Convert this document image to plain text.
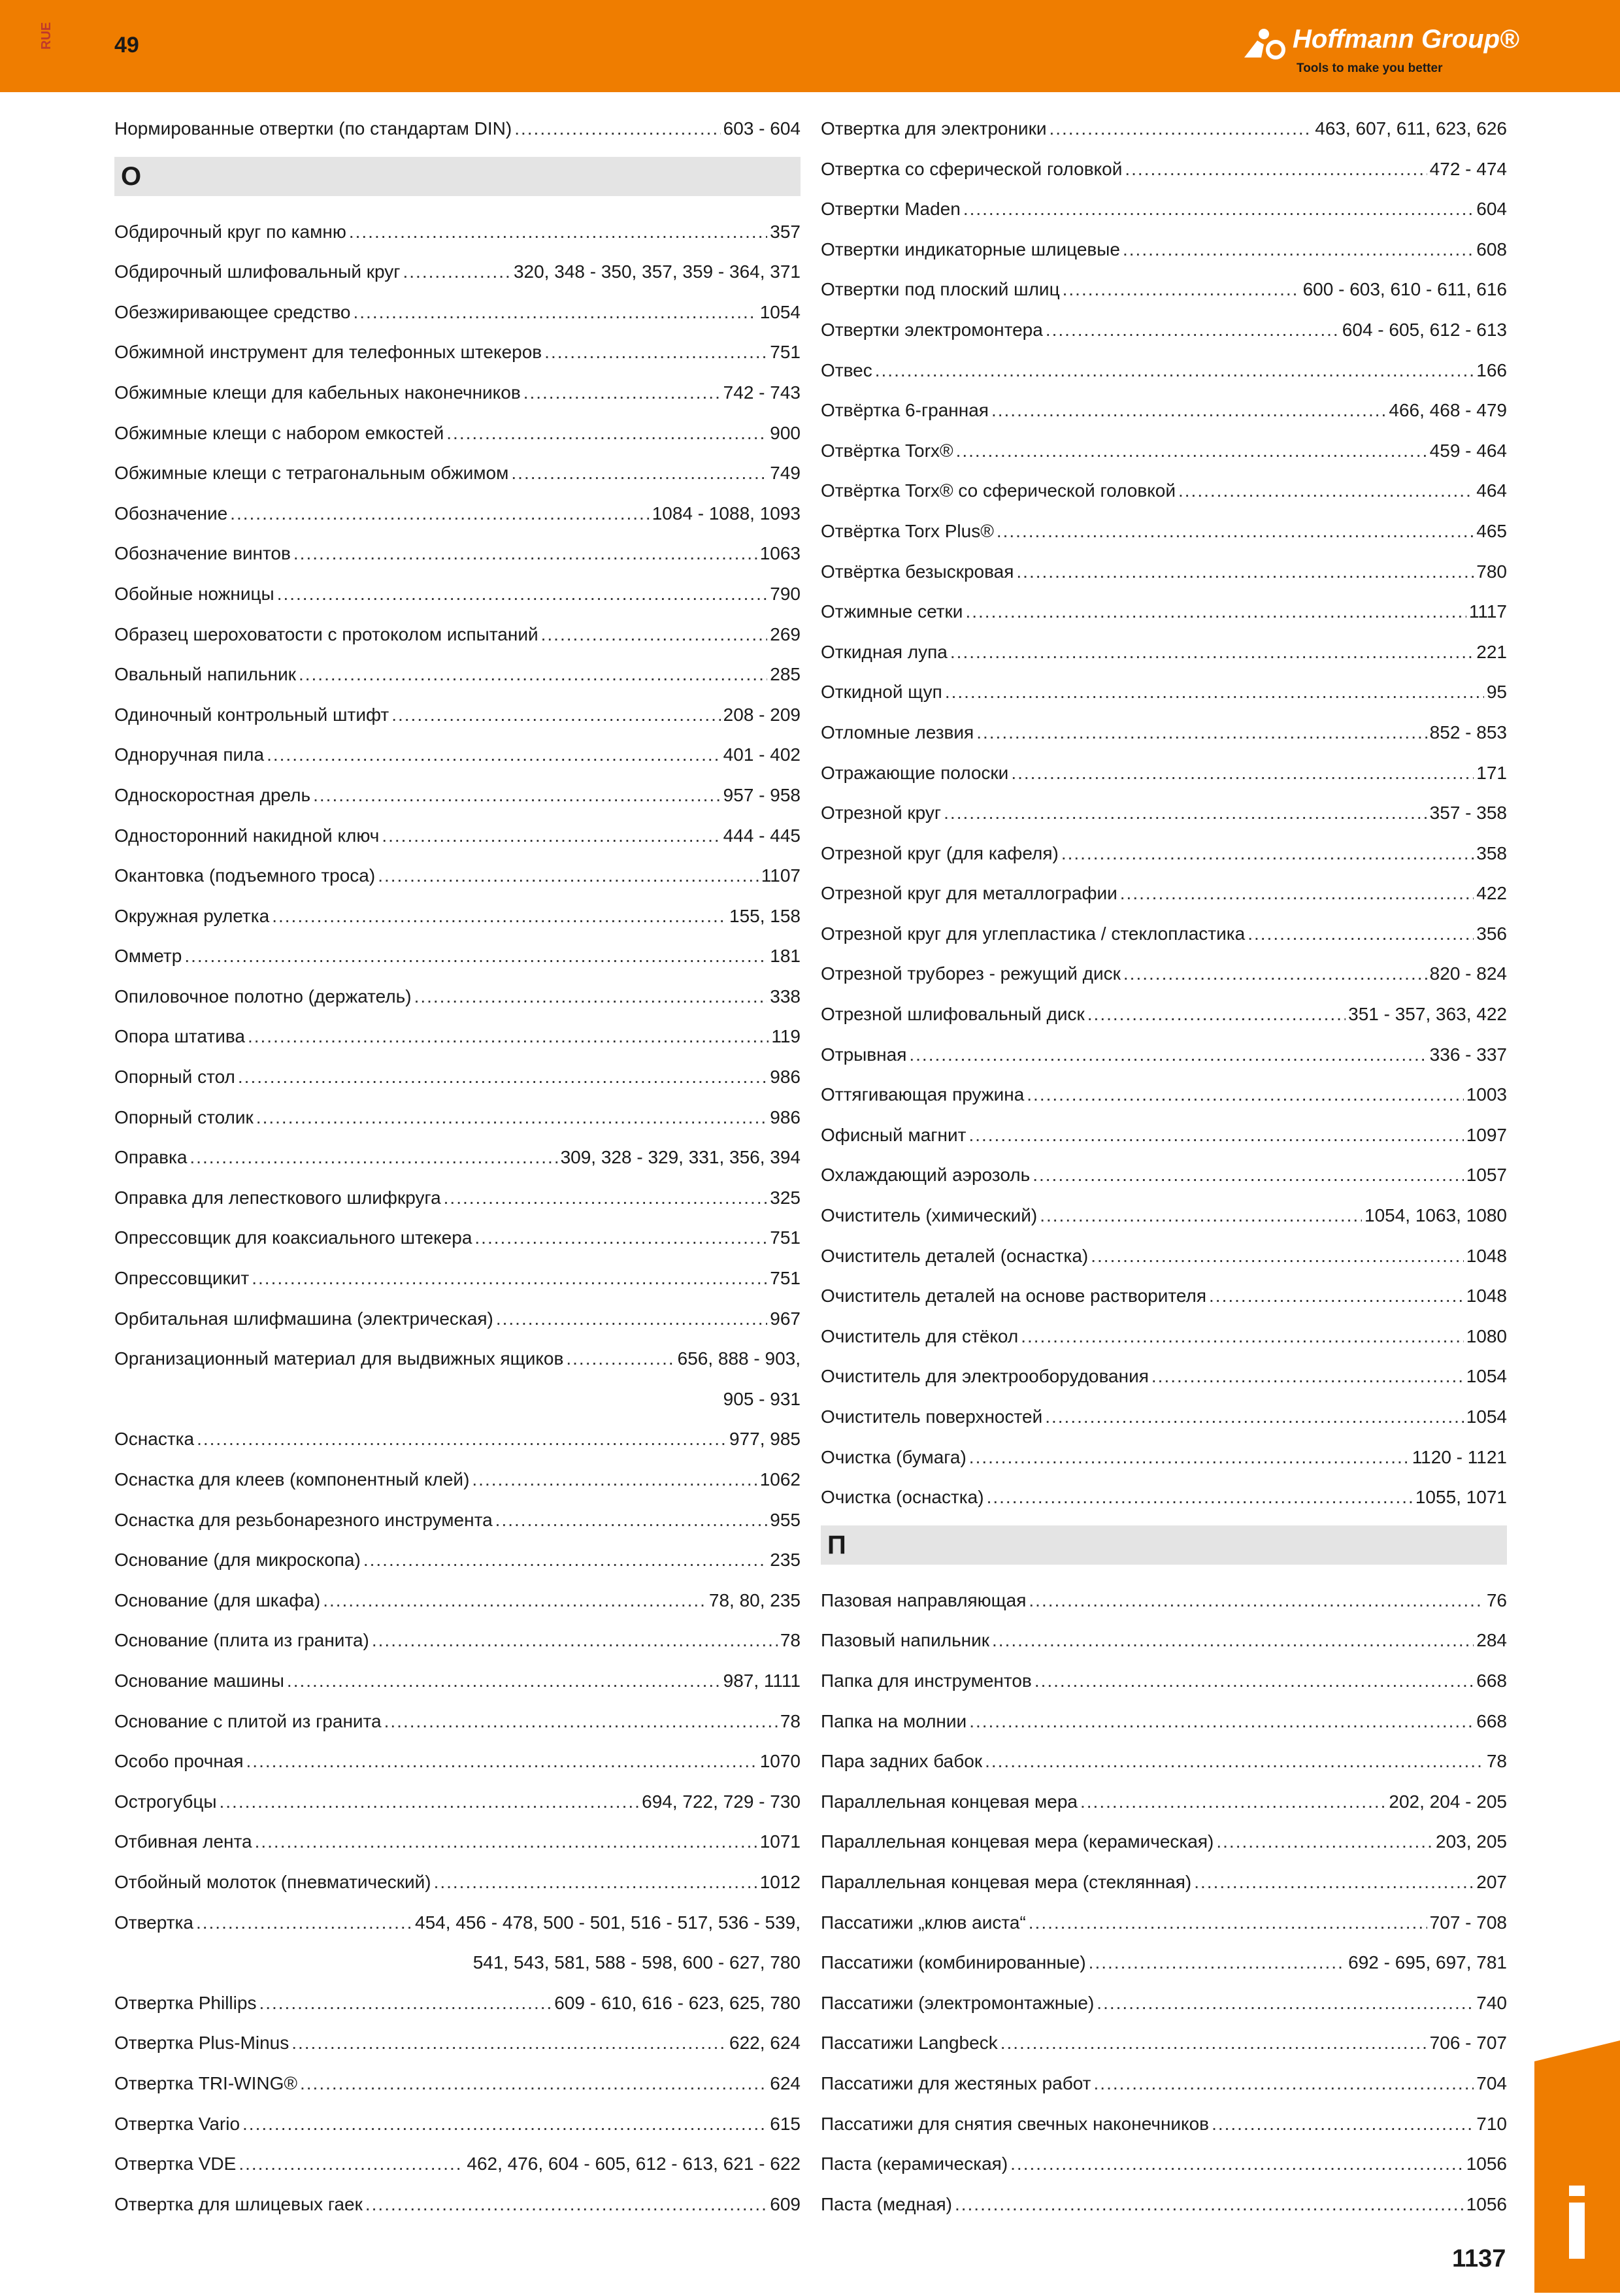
RUE	49	Hoffmann Group®
Tools to make you better
Нормированные отвертки (по стандартам DIN) .....	603 - 604
О
Обдирочный круг по камню .....	357
Обдирочный шлифовальный круг .....	320, 348 - 350, 357, 359 - 364, 371
Обезжиривающее средство .....	1054
Обжимной инструмент для телефонных штекеров .....	751
Обжимные клещи для кабельных наконечников .....	742 - 743
Обжимные клещи с набором емкостей .....	900
Обжимные клещи с тетрагональным обжимом .....	749
Обозначение .....	1084 - 1088, 1093
Обозначение винтов .....	1063
Обойные ножницы .....	790
Образец шероховатости с протоколом испытаний .....	269
Овальный напильник .....	285
Одиночный контрольный штифт .....	208 - 209
Одноручная пила .....	401 - 402
Односкоростная дрель .....	957 - 958
Односторонний накидной ключ .....	444 - 445
Окантовка (подъемного троса) .....	1107
Окружная рулетка .....	155, 158
Омметр .....	181
Опиловочное полотно (держатель) .....	338
Опора штатива .....	119
Опорный стол .....	986
Опорный столик .....	986
Оправка .....	309, 328 - 329, 331, 356, 394
Оправка для лепесткового шлифкруга .....	325
Опрессовщик для коаксиального штекера .....	751
Опрессовщикит .....	751
Орбитальная шлифмашина (электрическая) .....	967
Организационный материал для выдвижных ящиков .....	656, 888 - 903,
905 - 931
Оснастка .....	977, 985
Оснастка для клеев (компонентный клей) .....	1062
Оснастка для резьбонарезного инструмента .....	955
Основание (для микроскопа) .....	235
Основание (для шкафа) .....	78, 80, 235
Основание (плита из гранита) .....	78
Основание машины .....	987, 1111
Основание с плитой из гранита .....	78
Особо прочная .....	1070
Острогубцы .....	694, 722, 729 - 730
Отбивная лента .....	1071
Отбойный молоток (пневматический) .....	1012
Отвертка .....	454, 456 - 478, 500 - 501, 516 - 517, 536 - 539,
541, 543, 581, 588 - 598, 600 - 627, 780
Отвертка Phillips .....	609 - 610, 616 - 623, 625, 780
Отвертка Plus-Minus .....	622, 624
Отвертка TRI-WING® .....	624
Отвертка Vario .....	615
Отвертка VDE .....	462, 476, 604 - 605, 612 - 613, 621 - 622
Отвертка для шлицевых гаек .....	609
Отвертка для электроники .....	463, 607, 611, 623, 626
Отвертка со сферической головкой .....	472 - 474
Отвертки Maden .....	604
Отвертки индикаторные шлицевые .....	608
Отвертки под плоский шлиц .....	600 - 603, 610 - 611, 616
Отвертки электромонтера .....	604 - 605, 612 - 613
Отвес .....	166
Отвёртка 6-гранная .....	466, 468 - 479
Отвёртка Torx® .....	459 - 464
Отвёртка Torx® со сферической головкой .....	464
Отвёртка Torx Plus® .....	465
Отвёртка безыскровая .....	780
Отжимные сетки .....	1117
Откидная лупа .....	221
Откидной щуп .....	95
Отломные лезвия .....	852 - 853
Отражающие полоски .....	171
Отрезной круг .....	357 - 358
Отрезной круг (для кафеля) .....	358
Отрезной круг для металлографии .....	422
Отрезной круг для углепластика / стеклопластика .....	356
Отрезной труборез - режущий диск .....	820 - 824
Отрезной шлифовальный диск .....	351 - 357, 363, 422
Отрывная .....	336 - 337
Оттягивающая пружина .....	1003
Офисный магнит .....	1097
Охлаждающий аэрозоль .....	1057
Очиститель (химический) .....	1054, 1063, 1080
Очиститель деталей (оснастка) .....	1048
Очиститель деталей на основе растворителя .....	1048
Очиститель для стёкол .....	1080
Очиститель для электрооборудования .....	1054
Очиститель поверхностей .....	1054
Очистка (бумага) .....	1120 - 1121
Очистка (оснастка) .....	1055, 1071
П
Пазовая направляющая .....	76
Пазовый напильник .....	284
Папка для инструментов .....	668
Папка на молнии .....	668
Пара задних бабок .....	78
Параллельная концевая мера .....	202, 204 - 205
Параллельная концевая мера (керамическая) .....	203, 205
Параллельная концевая мера (стеклянная) .....	207
Пассатижи „клюв аиста“ .....	707 - 708
Пассатижи (комбинированные) .....	692 - 695, 697, 781
Пассатижи (электромонтажные) .....	740
Пассатижи Langbeck .....	706 - 707
Пассатижи для жестяных работ .....	704
Пассатижи для снятия свечных наконечников .....	710
Паста (керамическая) .....	1056
Паста (медная) .....	1056
1137
